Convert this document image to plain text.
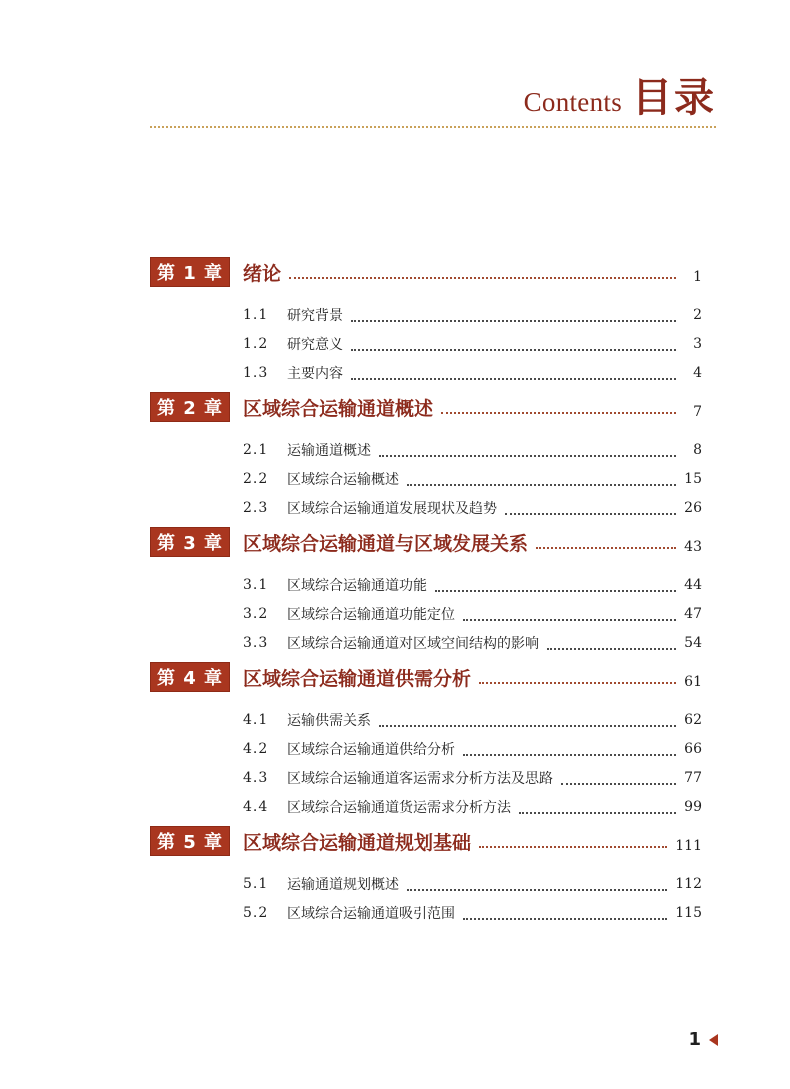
Contents 目录
第 1 章	绪论	1
1.1	研究背景	2
1.2	研究意义	3
1.3	主要内容	4
第 2 章	区域综合运输通道概述	7
2.1	运输通道概述	8
2.2	区域综合运输概述	15
2.3	区域综合运输通道发展现状及趋势	26
第 3 章	区域综合运输通道与区域发展关系	43
3.1	区域综合运输通道功能	44
3.2	区域综合运输通道功能定位	47
3.3	区域综合运输通道对区域空间结构的影响	54
第 4 章	区域综合运输通道供需分析	61
4.1	运输供需关系	62
4.2	区域综合运输通道供给分析	66
4.3	区域综合运输通道客运需求分析方法及思路	77
4.4	区域综合运输通道货运需求分析方法	99
第 5 章	区域综合运输通道规划基础	111
5.1	运输通道规划概述	112
5.2	区域综合运输通道吸引范围	115
1
